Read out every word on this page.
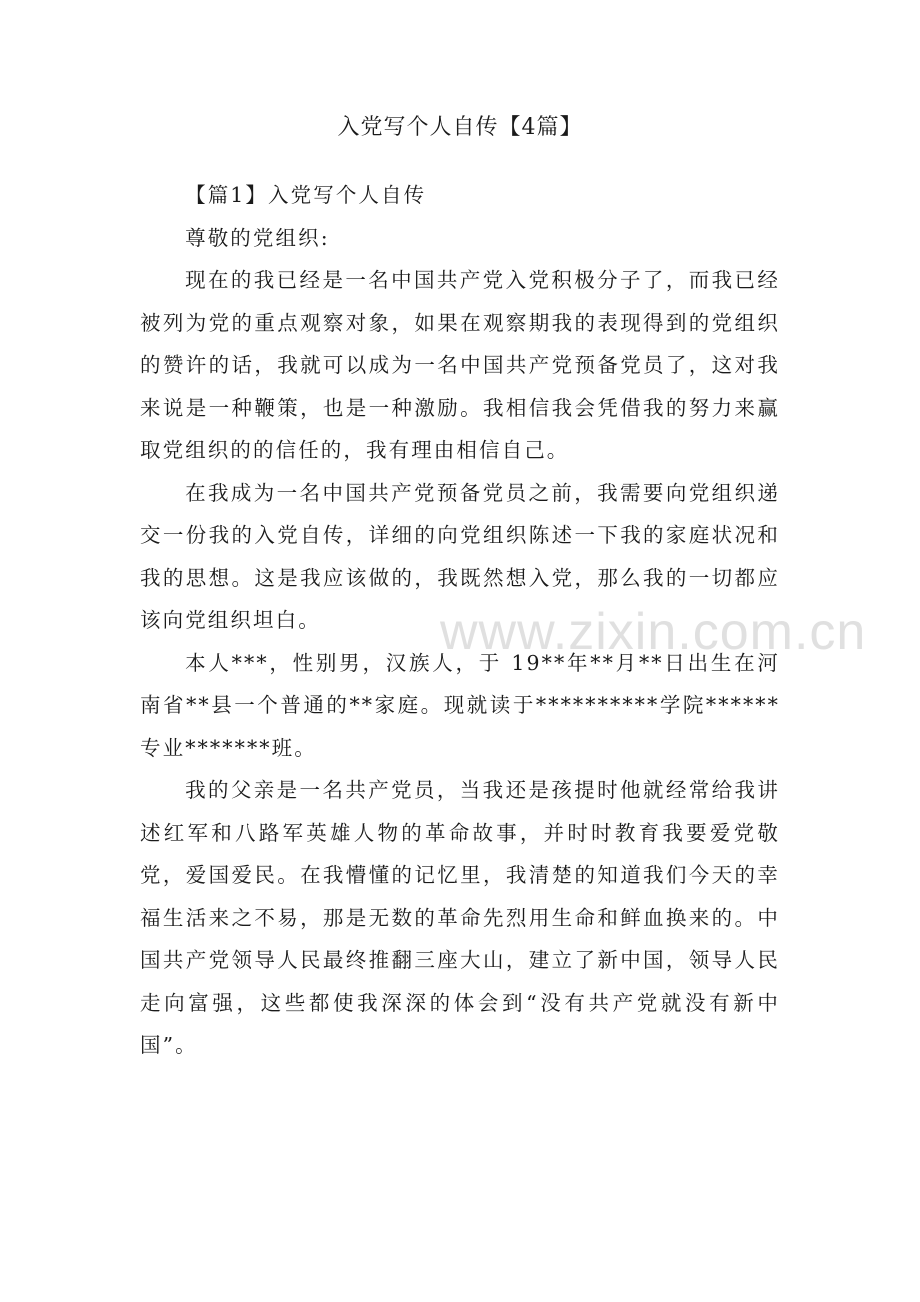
入党写个人自传【4篇】

【篇1】入党写个人自传

尊敬的党组织:

现在的我已经是一名中国共产党入党积极分子了，而我已经被列为党的重点观察对象，如果在观察期我的表现得到的党组织的赞许的话，我就可以成为一名中国共产党预备党员了，这对我来说是一种鞭策，也是一种激励。我相信我会凭借我的努力来赢取党组织的的信任的，我有理由相信自己。

在我成为一名中国共产党预备党员之前，我需要向党组织递交一份我的入党自传，详细的向党组织陈述一下我的家庭状况和我的思想。这是我应该做的，我既然想入党，那么我的一切都应该向党组织坦白。

本人***，性别男，汉族人，于 19**年**月**日出生在河南省**县一个普通的**家庭。现就读于**********学院******专业*******班。

我的父亲是一名共产党员，当我还是孩提时他就经常给我讲述红军和八路军英雄人物的革命故事，并时时教育我要爱党敬党，爱国爱民。在我懵懂的记忆里，我清楚的知道我们今天的幸福生活来之不易，那是无数的革命先烈用生命和鲜血换来的。中国共产党领导人民最终推翻三座大山，建立了新中国，领导人民走向富强，这些都使我深深的体会到“没有共产党就没有新中国”。

www.zixin.com.cn
